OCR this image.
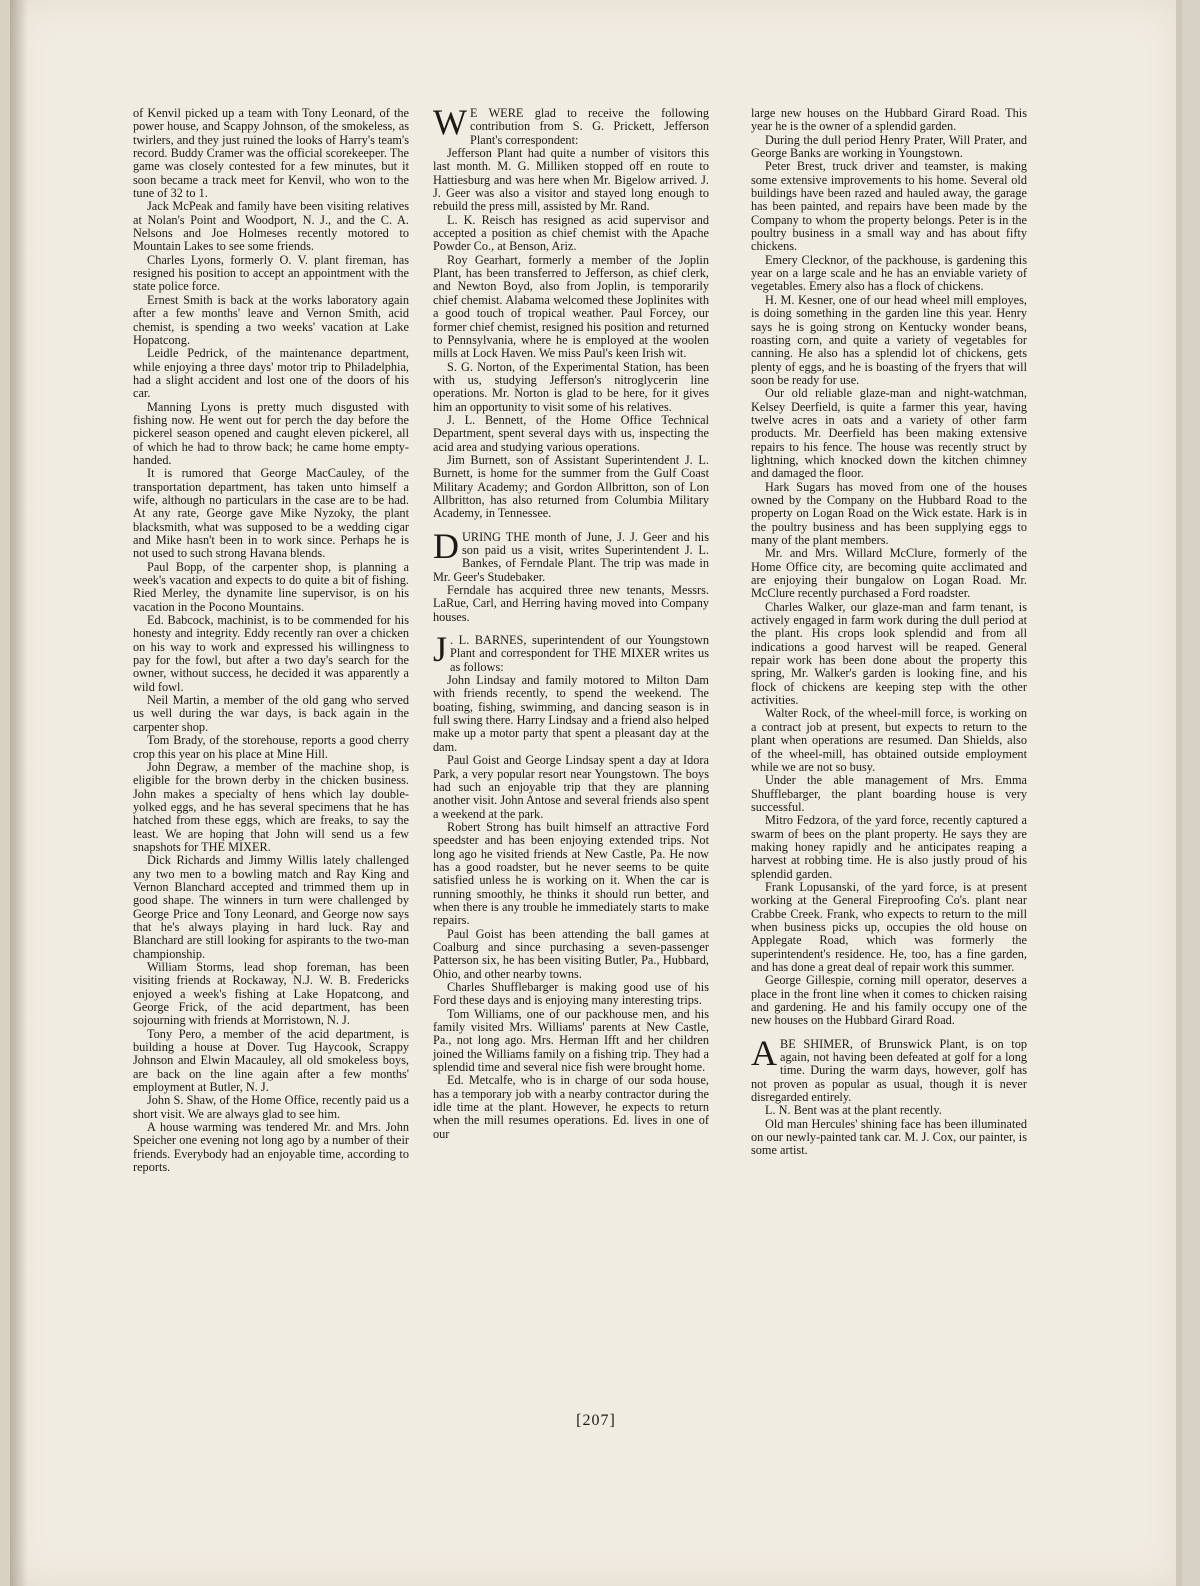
of Kenvil picked up a team with Tony Leonard, of the power house, and Scappy Johnson, of the smokeless, as twirlers, and they just ruined the looks of Harry's team's record. Buddy Cramer was the official scorekeeper. The game was closely contested for a few minutes, but it soon became a track meet for Kenvil, who won to the tune of 32 to 1.

Jack McPeak and family have been visiting relatives at Nolan's Point and Woodport, N. J., and the C. A. Nelsons and Joe Holmeses recently motored to Mountain Lakes to see some friends.

Charles Lyons, formerly O. V. plant fireman, has resigned his position to accept an appointment with the state police force.

Ernest Smith is back at the works laboratory again after a few months' leave and Vernon Smith, acid chemist, is spending a two weeks' vacation at Lake Hopatcong.

Leidle Pedrick, of the maintenance department, while enjoying a three days' motor trip to Philadelphia, had a slight accident and lost one of the doors of his car.

Manning Lyons is pretty much disgusted with fishing now. He went out for perch the day before the pickerel season opened and caught eleven pickerel, all of which he had to throw back; he came home empty-handed.

It is rumored that George MacCauley, of the transportation department, has taken unto himself a wife, although no particulars in the case are to be had. At any rate, George gave Mike Nyzoky, the plant blacksmith, what was supposed to be a wedding cigar and Mike hasn't been in to work since. Perhaps he is not used to such strong Havana blends.

Paul Bopp, of the carpenter shop, is planning a week's vacation and expects to do quite a bit of fishing. Ried Merley, the dynamite line supervisor, is on his vacation in the Pocono Mountains.

Ed. Babcock, machinist, is to be commended for his honesty and integrity. Eddy recently ran over a chicken on his way to work and expressed his willingness to pay for the fowl, but after a two day's search for the owner, without success, he decided it was apparently a wild fowl.

Neil Martin, a member of the old gang who served us well during the war days, is back again in the carpenter shop.

Tom Brady, of the storehouse, reports a good cherry crop this year on his place at Mine Hill.

John Degraw, a member of the machine shop, is eligible for the brown derby in the chicken business. John makes a specialty of hens which lay double-yolked eggs, and he has several specimens that he has hatched from these eggs, which are freaks, to say the least. We are hoping that John will send us a few snapshots for THE MIXER.

Dick Richards and Jimmy Willis lately challenged any two men to a bowling match and Ray King and Vernon Blanchard accepted and trimmed them up in good shape. The winners in turn were challenged by George Price and Tony Leonard, and George now says that he's always playing in hard luck. Ray and Blanchard are still looking for aspirants to the two-man championship.

William Storms, lead shop foreman, has been visiting friends at Rockaway, N.J. W. B. Fredericks enjoyed a week's fishing at Lake Hopatcong, and George Frick, of the acid department, has been sojourning with friends at Morristown, N. J.

Tony Pero, a member of the acid department, is building a house at Dover. Tug Haycook, Scrappy Johnson and Elwin Macauley, all old smokeless boys, are back on the line again after a few months' employment at Butler, N. J.

John S. Shaw, of the Home Office, recently paid us a short visit. We are always glad to see him.

A house warming was tendered Mr. and Mrs. John Speicher one evening not long ago by a number of their friends. Everybody had an enjoyable time, according to reports.

W E WERE glad to receive the following contribution from S. G. Prickett, Jefferson Plant's correspondent:

Jefferson Plant had quite a number of visitors this last month. M. G. Milliken stopped off en route to Hattiesburg and was here when Mr. Bigelow arrived. J. J. Geer was also a visitor and stayed long enough to rebuild the press mill, assisted by Mr. Rand.

L. K. Reisch has resigned as acid supervisor and accepted a position as chief chemist with the Apache Powder Co., at Benson, Ariz.

Roy Gearhart, formerly a member of the Joplin Plant, has been transferred to Jefferson, as chief clerk, and Newton Boyd, also from Joplin, is temporarily chief chemist. Alabama welcomed these Joplinites with a good touch of tropical weather. Paul Forcey, our former chief chemist, resigned his position and returned to Pennsylvania, where he is employed at the woolen mills at Lock Haven. We miss Paul's keen Irish wit.

S. G. Norton, of the Experimental Station, has been with us, studying Jefferson's nitroglycerin line operations. Mr. Norton is glad to be here, for it gives him an opportunity to visit some of his relatives.

J. L. Bennett, of the Home Office Technical Department, spent several days with us, inspecting the acid area and studying various operations.

Jim Burnett, son of Assistant Superintendent J. L. Burnett, is home for the summer from the Gulf Coast Military Academy; and Gordon Allbritton, son of Lon Allbritton, has also returned from Columbia Military Academy, in Tennessee.

DURING THE month of June, J. J. Geer and his son paid us a visit, writes Superintendent J. L. Bankes, of Ferndale Plant. The trip was made in Mr. Geer's Studebaker.

Ferndale has acquired three new tenants, Messrs. LaRue, Carl, and Herring having moved into Company houses.

J . L. BARNES, superintendent of our Youngstown Plant and correspondent for THE MIXER writes us as follows:

John Lindsay and family motored to Milton Dam with friends recently, to spend the weekend. The boating, fishing, swimming, and dancing season is in full swing there. Harry Lindsay and a friend also helped make up a motor party that spent a pleasant day at the dam.

Paul Goist and George Lindsay spent a day at Idora Park, a very popular resort near Youngstown. The boys had such an enjoyable trip that they are planning another visit. John Antose and several friends also spent a weekend at the park.

Robert Strong has built himself an attractive Ford speedster and has been enjoying extended trips. Not long ago he visited friends at New Castle, Pa. He now has a good roadster, but he never seems to be quite satisfied unless he is working on it. When the car is running smoothly, he thinks it should run better, and when there is any trouble he immediately starts to make repairs.

Paul Goist has been attending the ball games at Coalburg and since purchasing a seven-passenger Patterson six, he has been visiting Butler, Pa., Hubbard, Ohio, and other nearby towns.

Charles Shufflebarger is making good use of his Ford these days and is enjoying many interesting trips.

Tom Williams, one of our packhouse men, and his family visited Mrs. Williams' parents at New Castle, Pa., not long ago. Mrs. Herman Ifft and her children joined the Williams family on a fishing trip. They had a splendid time and several nice fish were brought home.

Ed. Metcalfe, who is in charge of our soda house, has a temporary job with a nearby contractor during the idle time at the plant. However, he expects to return when the mill resumes operations. Ed. lives in one of our

large new houses on the Hubbard Girard Road. This year he is the owner of a splendid garden.

During the dull period Henry Prater, Will Prater, and George Banks are working in Youngstown.

Peter Brest, truck driver and teamster, is making some extensive improvements to his home. Several old buildings have been razed and hauled away, the garage has been painted, and repairs have been made by the Company to whom the property belongs. Peter is in the poultry business in a small way and has about fifty chickens.

Emery Clecknor, of the packhouse, is gardening this year on a large scale and he has an enviable variety of vegetables. Emery also has a flock of chickens.

H. M. Kesner, one of our head wheel mill employes, is doing something in the garden line this year. Henry says he is going strong on Kentucky wonder beans, roasting corn, and quite a variety of vegetables for canning. He also has a splendid lot of chickens, gets plenty of eggs, and he is boasting of the fryers that will soon be ready for use.

Our old reliable glaze-man and night-watchman, Kelsey Deerfield, is quite a farmer this year, having twelve acres in oats and a variety of other farm products. Mr. Deerfield has been making extensive repairs to his fence. The house was recently struct by lightning, which knocked down the kitchen chimney and damaged the floor.

Hark Sugars has moved from one of the houses owned by the Company on the Hubbard Road to the property on Logan Road on the Wick estate. Hark is in the poultry business and has been supplying eggs to many of the plant members.

Mr. and Mrs. Willard McClure, formerly of the Home Office city, are becoming quite acclimated and are enjoying their bungalow on Logan Road. Mr. McClure recently purchased a Ford roadster.

Charles Walker, our glaze-man and farm tenant, is actively engaged in farm work during the dull period at the plant. His crops look splendid and from all indications a good harvest will be reaped. General repair work has been done about the property this spring, Mr. Walker's garden is looking fine, and his flock of chickens are keeping step with the other activities.

Walter Rock, of the wheel-mill force, is working on a contract job at present, but expects to return to the plant when operations are resumed. Dan Shields, also of the wheel-mill, has obtained outside employment while we are not so busy.

Under the able management of Mrs. Emma Shufflebarger, the plant boarding house is very successful.

Mitro Fedzora, of the yard force, recently captured a swarm of bees on the plant property. He says they are making honey rapidly and he anticipates reaping a harvest at robbing time. He is also justly proud of his splendid garden.

Frank Lopusanski, of the yard force, is at present working at the General Fireproofing Co's. plant near Crabbe Creek. Frank, who expects to return to the mill when business picks up, occupies the old house on Applegate Road, which was formerly the superintendent's residence. He, too, has a fine garden, and has done a great deal of repair work this summer.

George Gillespie, corning mill operator, deserves a place in the front line when it comes to chicken raising and gardening. He and his family occupy one of the new houses on the Hubbard Girard Road.

ABE SHIMER, of Brunswick Plant, is on top again, not having been defeated at golf for a long time. During the warm days, however, golf has not proven as popular as usual, though it is never disregarded entirely.

L. N. Bent was at the plant recently.

Old man Hercules' shining face has been illuminated on our newly-painted tank car. M. J. Cox, our painter, is some artist.

[207]
